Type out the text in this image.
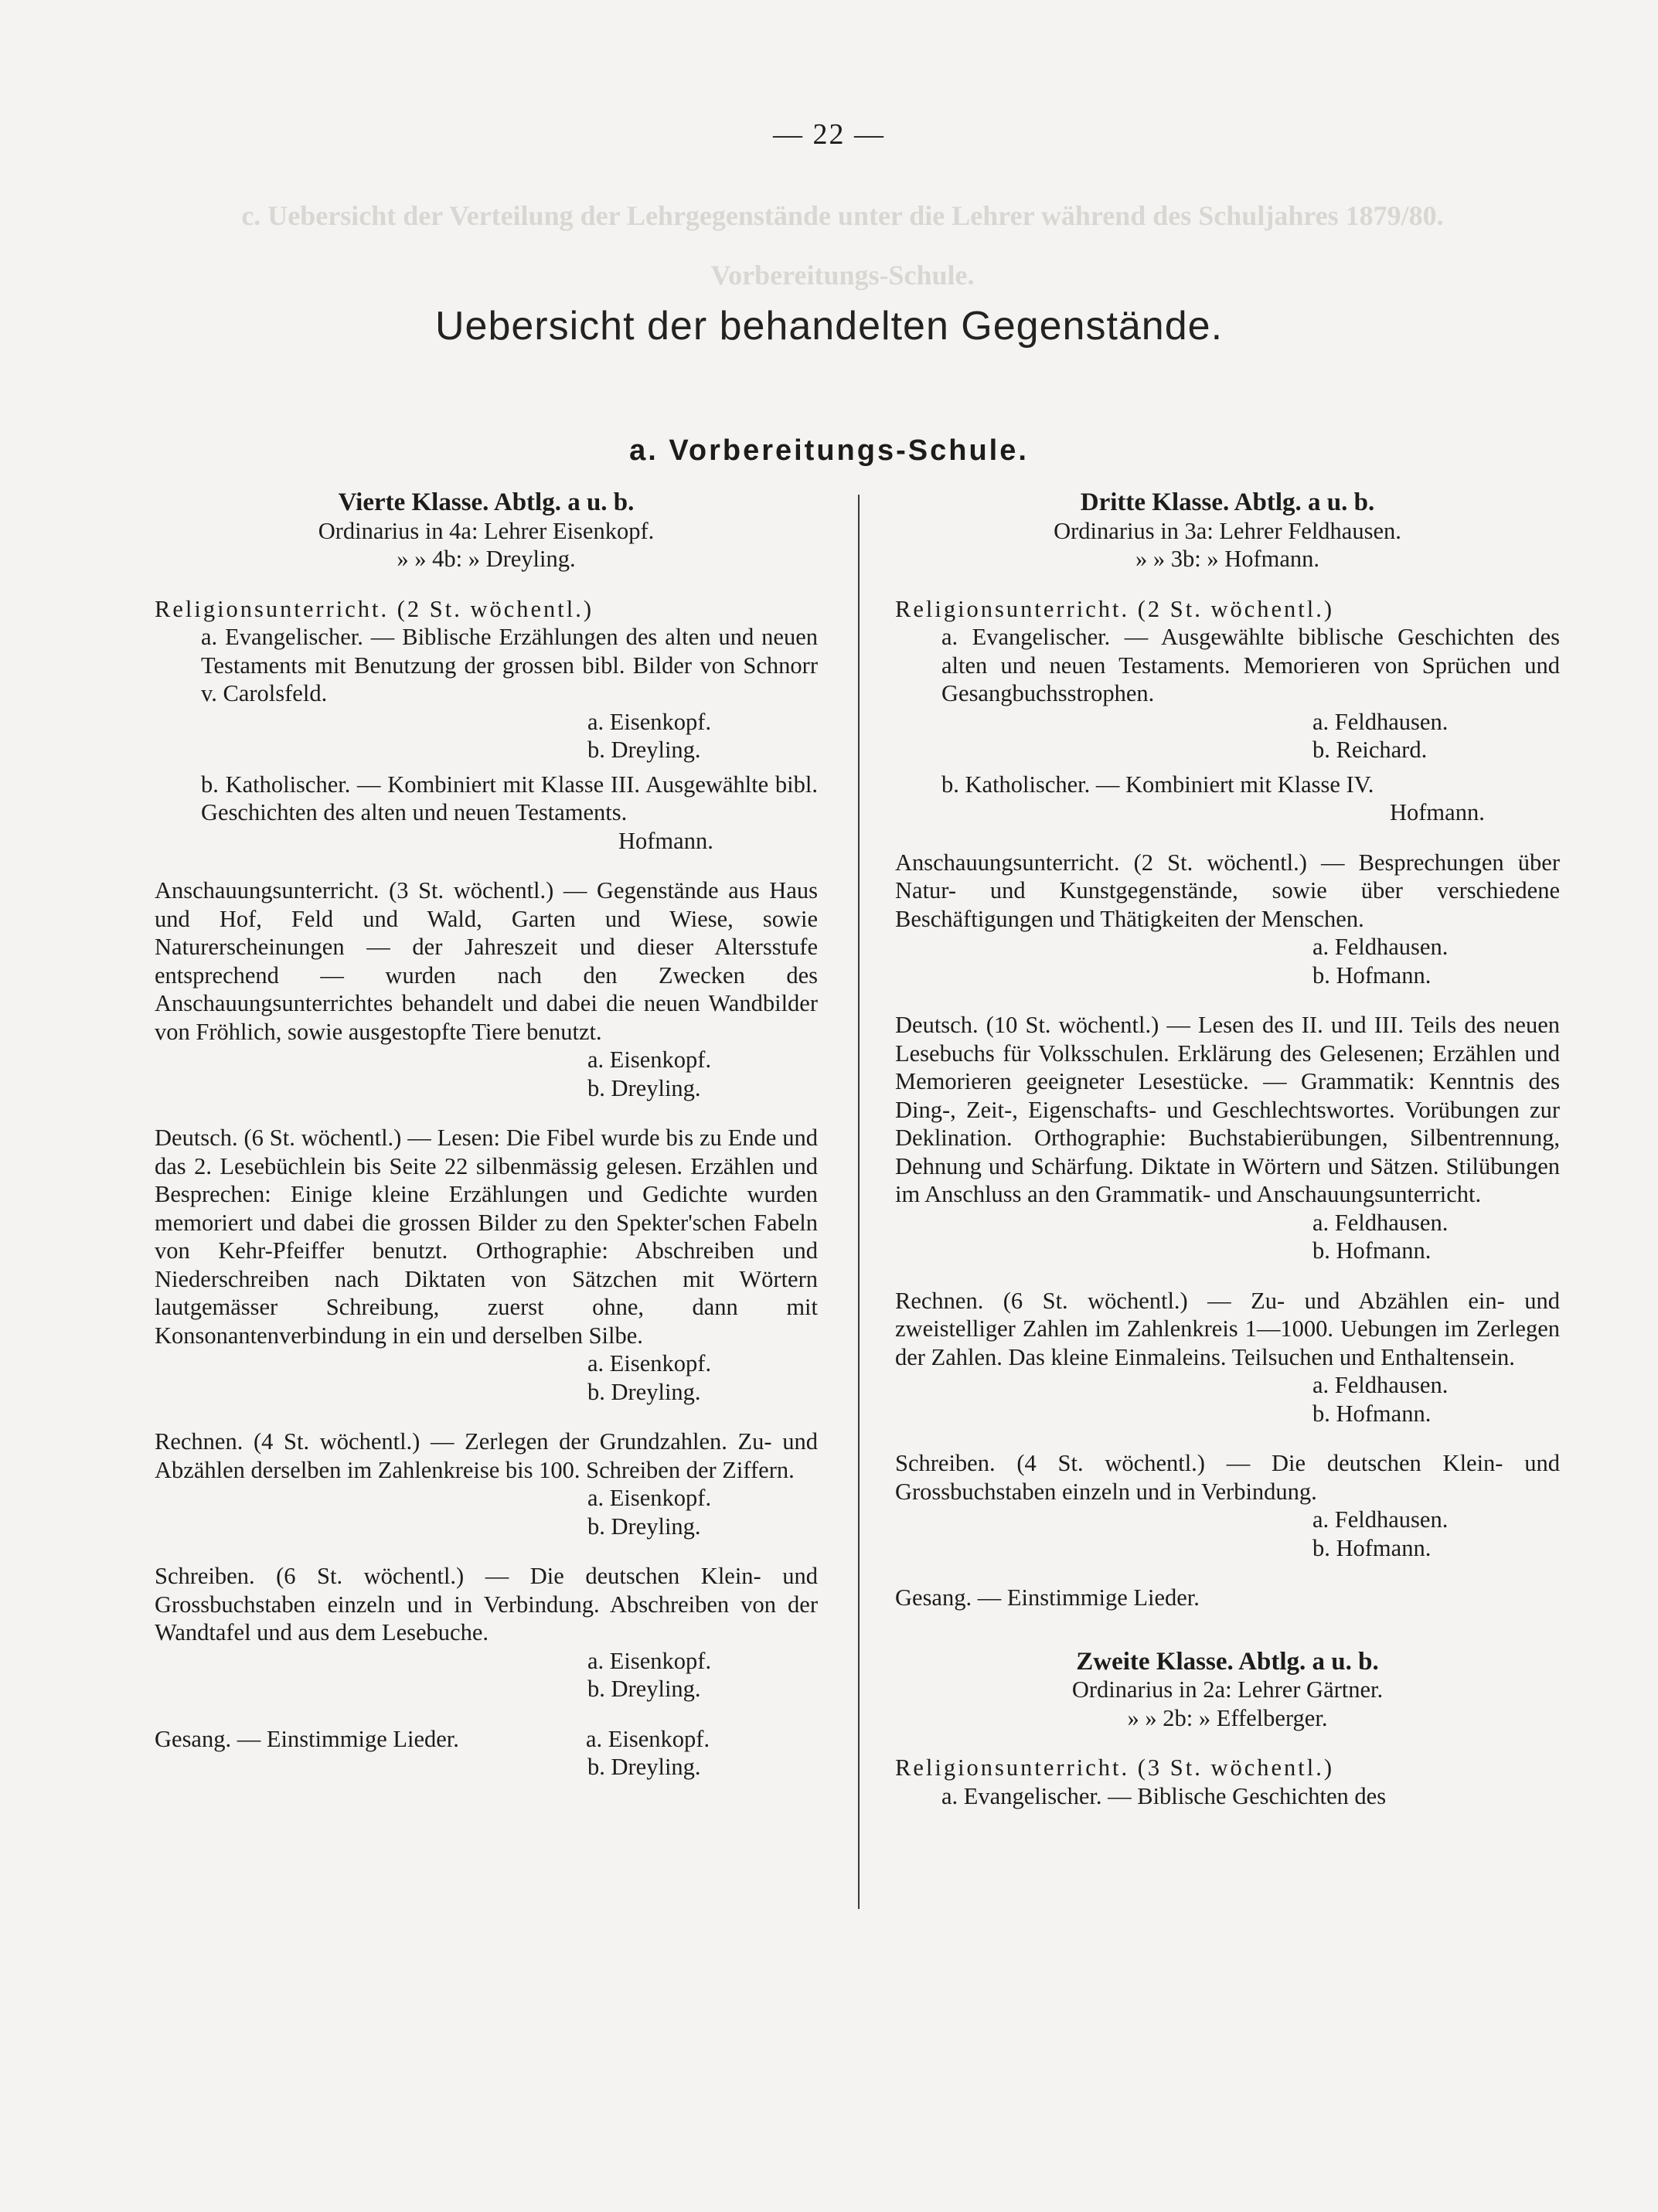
— 22 —
c. Uebersicht der Verteilung der Lehrgegenstände unter die Lehrer während des Schuljahres 1879/80.
Vorbereitungs-Schule.
Uebersicht der behandelten Gegenstände.
a. Vorbereitungs-Schule.
Vierte Klasse. Abtlg. a u. b.
Ordinarius in 4a: Lehrer Eisenkopf.
» » 4b: » Dreyling.
Religionsunterricht. (2 St. wöchentl.)
a. Evangelischer. — Biblische Erzählungen des alten und neuen Testaments mit Benutzung der grossen bibl. Bilder von Schnorr v. Carolsfeld.
a. Eisenkopf.
b. Dreyling.
b. Katholischer. — Kombiniert mit Klasse III. Ausgewählte bibl. Geschichten des alten und neuen Testaments.
Hofmann.
Anschauungsunterricht. (3 St. wöchentl.) — Gegenstände aus Haus und Hof, Feld und Wald, Garten und Wiese, sowie Naturerscheinungen — der Jahreszeit und dieser Altersstufe entsprechend — wurden nach den Zwecken des Anschauungsunterrichtes behandelt und dabei die neuen Wandbilder von Fröhlich, sowie ausgestopfte Tiere benutzt.
a. Eisenkopf.
b. Dreyling.
Deutsch. (6 St. wöchentl.) — Lesen: Die Fibel wurde bis zu Ende und das 2. Lesebüchlein bis Seite 22 silbenmässig gelesen. Erzählen und Besprechen: Einige kleine Erzählungen und Gedichte wurden memoriert und dabei die grossen Bilder zu den Spekter'schen Fabeln von Kehr-Pfeiffer benutzt. Orthographie: Abschreiben und Niederschreiben nach Diktaten von Sätzchen mit Wörtern lautgemässer Schreibung, zuerst ohne, dann mit Konsonantenverbindung in ein und derselben Silbe.
a. Eisenkopf.
b. Dreyling.
Rechnen. (4 St. wöchentl.) — Zerlegen der Grundzahlen. Zu- und Abzählen derselben im Zahlenkreise bis 100. Schreiben der Ziffern.
a. Eisenkopf.
b. Dreyling.
Schreiben. (6 St. wöchentl.) — Die deutschen Klein- und Grossbuchstaben einzeln und in Verbindung. Abschreiben von der Wandtafel und aus dem Lesebuche.
a. Eisenkopf.
b. Dreyling.
Gesang. — Einstimmige Lieder.	a. Eisenkopf.
b. Dreyling.
Dritte Klasse. Abtlg. a u. b.
Ordinarius in 3a: Lehrer Feldhausen.
» » 3b: » Hofmann.
Religionsunterricht. (2 St. wöchentl.)
a. Evangelischer. — Ausgewählte biblische Geschichten des alten und neuen Testaments. Memorieren von Sprüchen und Gesangbuchsstrophen.
a. Feldhausen.
b. Reichard.
b. Katholischer. — Kombiniert mit Klasse IV.
Hofmann.
Anschauungsunterricht. (2 St. wöchentl.) — Besprechungen über Natur- und Kunstgegenstände, sowie über verschiedene Beschäftigungen und Thätigkeiten der Menschen.
a. Feldhausen.
b. Hofmann.
Deutsch. (10 St. wöchentl.) — Lesen des II. und III. Teils des neuen Lesebuchs für Volksschulen. Erklärung des Gelesenen; Erzählen und Memorieren geeigneter Lesestücke. — Grammatik: Kenntnis des Ding-, Zeit-, Eigenschafts- und Geschlechtswortes. Vorübungen zur Deklination. Orthographie: Buchstabierübungen, Silbentrennung, Dehnung und Schärfung. Diktate in Wörtern und Sätzen. Stilübungen im Anschluss an den Grammatik- und Anschauungsunterricht.
a. Feldhausen.
b. Hofmann.
Rechnen. (6 St. wöchentl.) — Zu- und Abzählen ein- und zweistelliger Zahlen im Zahlenkreis 1—1000. Uebungen im Zerlegen der Zahlen. Das kleine Einmaleins. Teilsuchen und Enthaltensein.
a. Feldhausen.
b. Hofmann.
Schreiben. (4 St. wöchentl.) — Die deutschen Klein- und Grossbuchstaben einzeln und in Verbindung.
a. Feldhausen.
b. Hofmann.
Gesang. — Einstimmige Lieder.
Zweite Klasse. Abtlg. a u. b.
Ordinarius in 2a: Lehrer Gärtner.
» » 2b: » Effelberger.
Religionsunterricht. (3 St. wöchentl.)
a. Evangelischer. — Biblische Geschichten des
